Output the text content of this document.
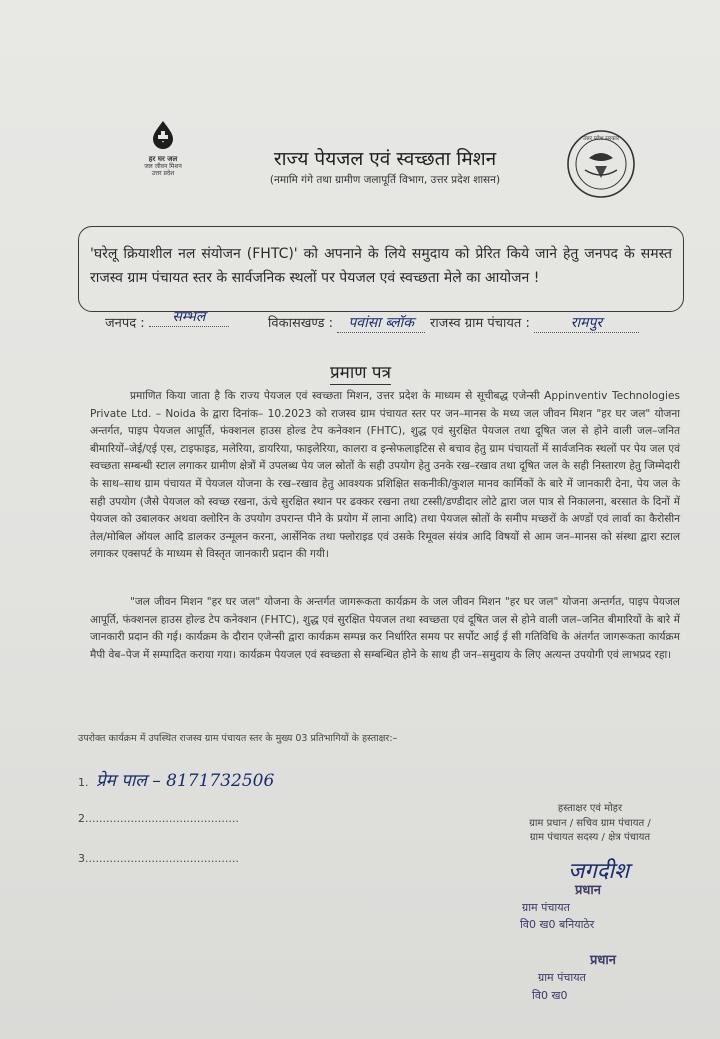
हर घर जल
जल जीवन मिशन
उत्तर प्रदेश
राज्य पेयजल एवं स्वच्छता मिशन
(नमामि गंगे तथा ग्रामीण जलापूर्ति विभाग, उत्तर प्रदेश शासन)
उत्तर प्रदेश सरकार
'घरेलू क्रियाशील नल संयोजन (FHTC)' को अपनाने के लिये समुदाय को प्रेरित किये जाने हेतु जनपद के समस्त राजस्व ग्राम पंचायत स्तर के सार्वजनिक स्थलों पर पेयजल एवं स्वच्छता मेले का आयोजन !
जनपद : सम्भल	विकासखण्ड : पवांसा ब्लॉक	राजस्व ग्राम पंचायत :	रामपुर
प्रमाण पत्र
प्रमाणित किया जाता है कि राज्य पेयजल एवं स्वच्छता मिशन, उत्तर प्रदेश के माध्यम से सूचीबद्ध एजेन्सी Appinventiv Technologies Private Ltd. – Noida के द्वारा दिनांक– 10.2023 को राजस्व ग्राम पंचायत स्तर पर जन–मानस के मध्य जल जीवन मिशन "हर घर जल" योजना अन्तर्गत, पाइप पेयजल आपूर्ति, फंक्शनल हाउस होल्ड टेप कनेक्शन (FHTC), शुद्ध एवं सुरक्षित पेयजल तथा दूषित जल से होने वाली जल–जनित बीमारियों–जेई/एई एस, टाइफाइड, मलेरिया, डायरिया, फाइलेरिया, कालरा व इन्सेफलाइटिस से बचाव हेतु ग्राम पंचायतों में सार्वजनिक स्थलों पर पेय जल एवं स्वच्छता सम्बन्धी स्टाल लगाकर ग्रामीण क्षेत्रों में उपलब्ध पेय जल स्रोतों के सही उपयोग हेतु उनके रख–रखाव तथा दूषित जल के सही निस्तारण हेतु जिम्मेदारी के साथ–साथ ग्राम पंचायत में पेयजल योजना के रख–रखाव हेतु आवश्यक प्रशिक्षित सकनीकी/कुशल मानव कार्मिकों के बारे में जानकारी देना, पेय जल के सही उपयोग (जैसे पेयजल को स्वच्छ रखना, ऊंचे सुरक्षित स्थान पर ढक्कर रखना तथा टस्सी/डण्डीदार लोटे द्वारा जल पात्र से निकालना, बरसात के दिनों में पेयजल को उबालकर अथवा क्लोरिन के उपयोग उपरान्त पीने के प्रयोग में लाना आदि) तथा पेयजल स्रोतों के समीप मच्छरों के अण्डों एवं लार्वा का कैरोसीन तेल/मोबिल ऑयल आदि डालकर उन्मूलन करना, आर्सेनिक तथा फ्लोराइड एवं उसके रिमूवल संयंत्र आदि विषयों से आम जन–मानस को संस्था द्वारा स्टाल लगाकर एक्सपर्ट के माध्यम से विस्तृत जानकारी प्रदान की गयी।
"जल जीवन मिशन "हर घर जल" योजना के अन्तर्गत जागरूकता कार्यक्रम के जल जीवन मिशन "हर घर जल" योजना अन्तर्गत, पाइप पेयजल आपूर्ति, फंक्शनल हाउस होल्ड टेप कनेक्शन (FHTC), शुद्ध एवं सुरक्षित पेयजल तथा स्वच्छता एवं दूषित जल से होने वाली जल–जनित बीमारियों के बारे में जानकारी प्रदान की गई। कार्यक्रम के दौरान एजेन्सी द्वारा कार्यक्रम सम्पन्न कर निर्धारित समय पर सर्पोट आई ई सी गतिविधि के अंतर्गत जागरूकता कार्यक्रम मैपी वेब–पेज में सम्पादित कराया गया। कार्यक्रम पेयजल एवं स्वच्छता से सम्बन्धित होने के साथ ही जन–समुदाय के लिए अत्यन्त उपयोगी एवं लाभप्रद रहा।
उपरोक्त कार्यक्रम में उपस्थित राजस्व ग्राम पंचायत स्तर के मुख्य 03 प्रतिभागियों के हस्ताक्षर:–
1. प्रेम पाल – 8171732506
2............................................
3............................................
हस्ताक्षर एवं मोहर
ग्राम प्रधान / सचिव ग्राम पंचायत /
ग्राम पंचायत सदस्य / क्षेत्र पंचायत
जगदीश
प्रधान
ग्राम पंचायत
वि0 ख0 बनियाठेर
प्रधान
ग्राम पंचायत
वि0 ख0
